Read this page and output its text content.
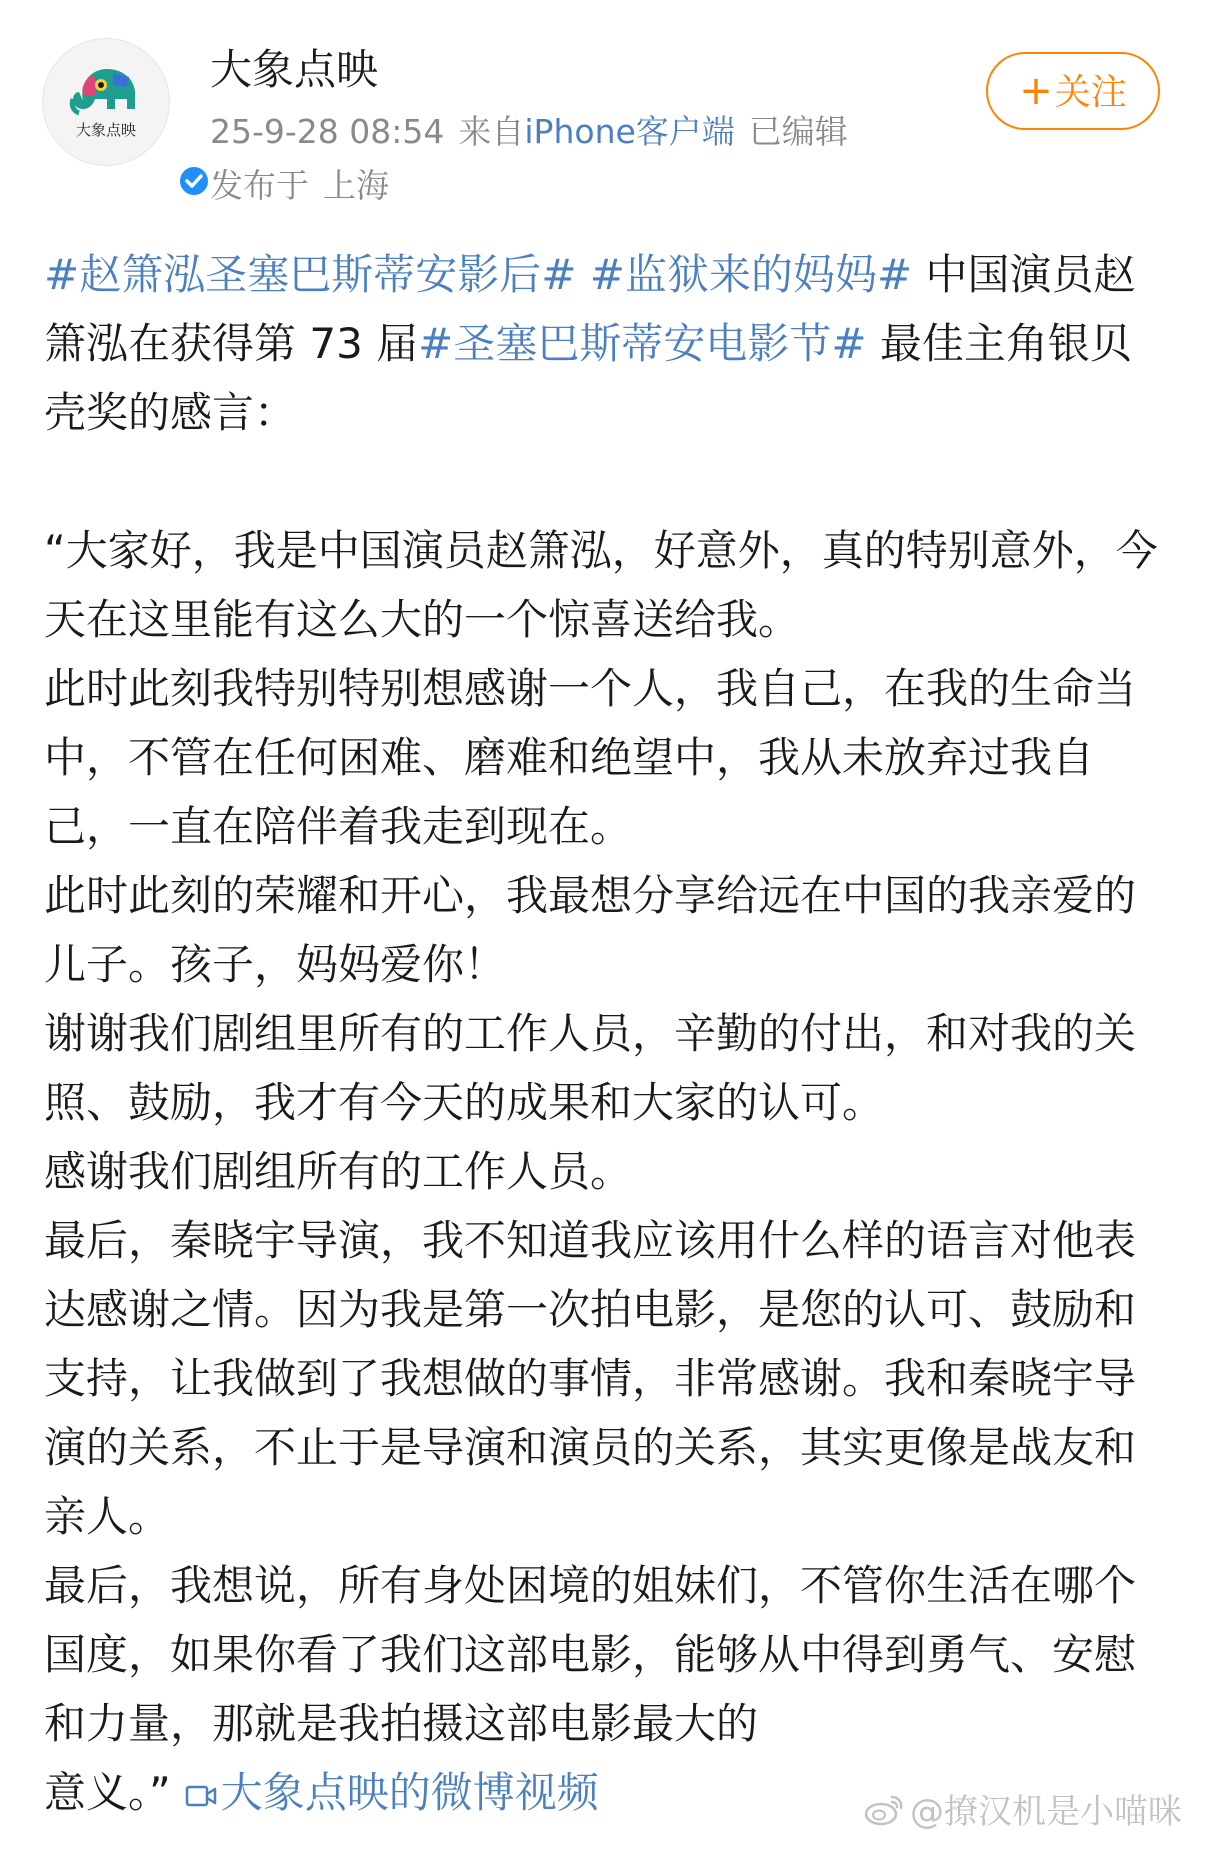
大象点映
大象点映
25-9-28 08:54 来自iPhone客户端 已编辑
发布于 上海
+关注

#赵箫泓圣塞巴斯蒂安影后# #监狱来的妈妈# 中国演员赵箫泓在获得第 73 届#圣塞巴斯蒂安电影节# 最佳主角银贝壳奖的感言：

“大家好，我是中国演员赵箫泓，好意外，真的特别意外，今天在这里能有这么大的一个惊喜送给我。

此时此刻我特别特别想感谢一个人，我自己，在我的生命当中，不管在任何困难、磨难和绝望中，我从未放弃过我自己，一直在陪伴着我走到现在。

此时此刻的荣耀和开心，我最想分享给远在中国的我亲爱的儿子。孩子，妈妈爱你！

谢谢我们剧组里所有的工作人员，辛勤的付出，和对我的关照、鼓励，我才有今天的成果和大家的认可。

感谢我们剧组所有的工作人员。

最后，秦晓宇导演，我不知道我应该用什么样的语言对他表达感谢之情。因为我是第一次拍电影，是您的认可、鼓励和支持，让我做到了我想做的事情，非常感谢。我和秦晓宇导演的关系，不止于是导演和演员的关系，其实更像是战友和亲人。

最后，我想说，所有身处困境的姐妹们，不管你生活在哪个国度，如果你看了我们这部电影，能够从中得到勇气、安慰和力量，那就是我拍摄这部电影最大的

意义。” 大象点映的微博视频	@撩汉机是小喵咪
